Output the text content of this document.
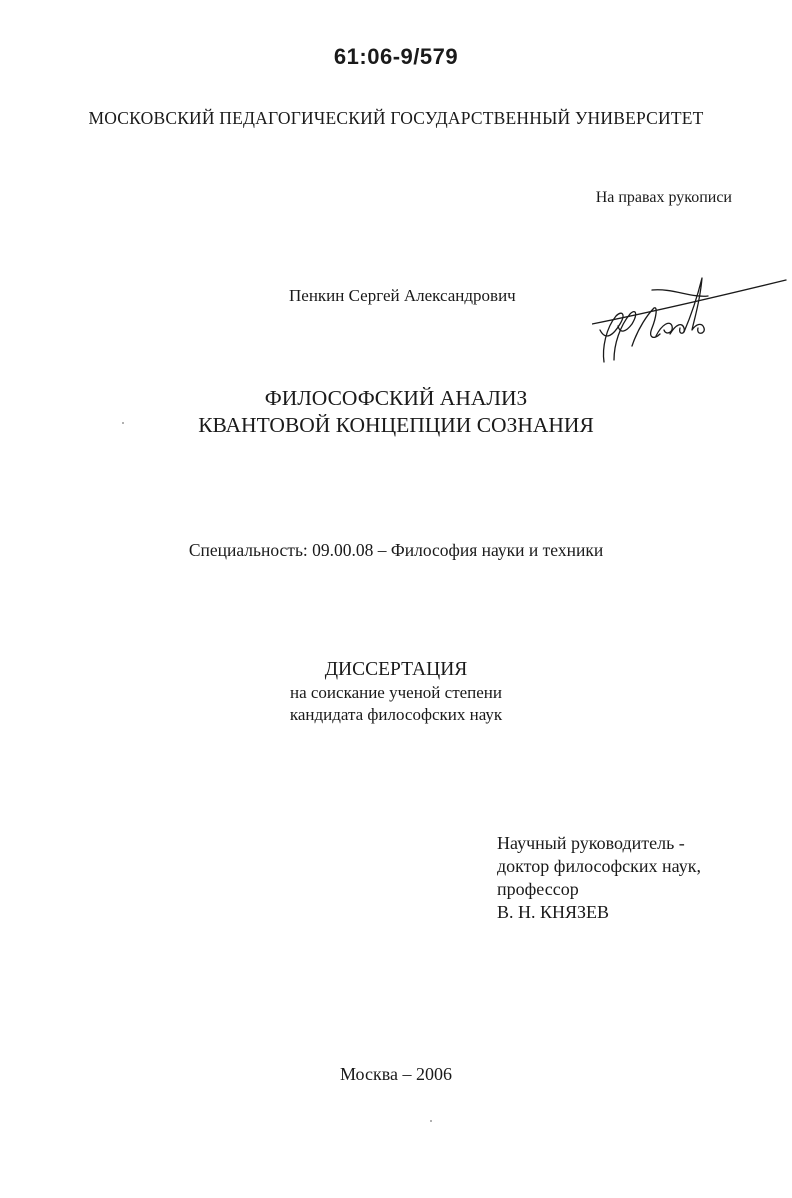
61:06-9/579
МОСКОВСКИЙ ПЕДАГОГИЧЕСКИЙ ГОСУДАРСТВЕННЫЙ УНИВЕРСИТЕТ
На правах рукописи
Пенкин Сергей Александрович
ФИЛОСОФСКИЙ АНАЛИЗ
КВАНТОВОЙ КОНЦЕПЦИИ СОЗНАНИЯ
Специальность: 09.00.08 – Философия науки и техники
ДИССЕРТАЦИЯ
на соискание ученой степени
кандидата философских наук
Научный руководитель -
доктор философских наук,
профессор
В. Н. КНЯЗЕВ
Москва – 2006
